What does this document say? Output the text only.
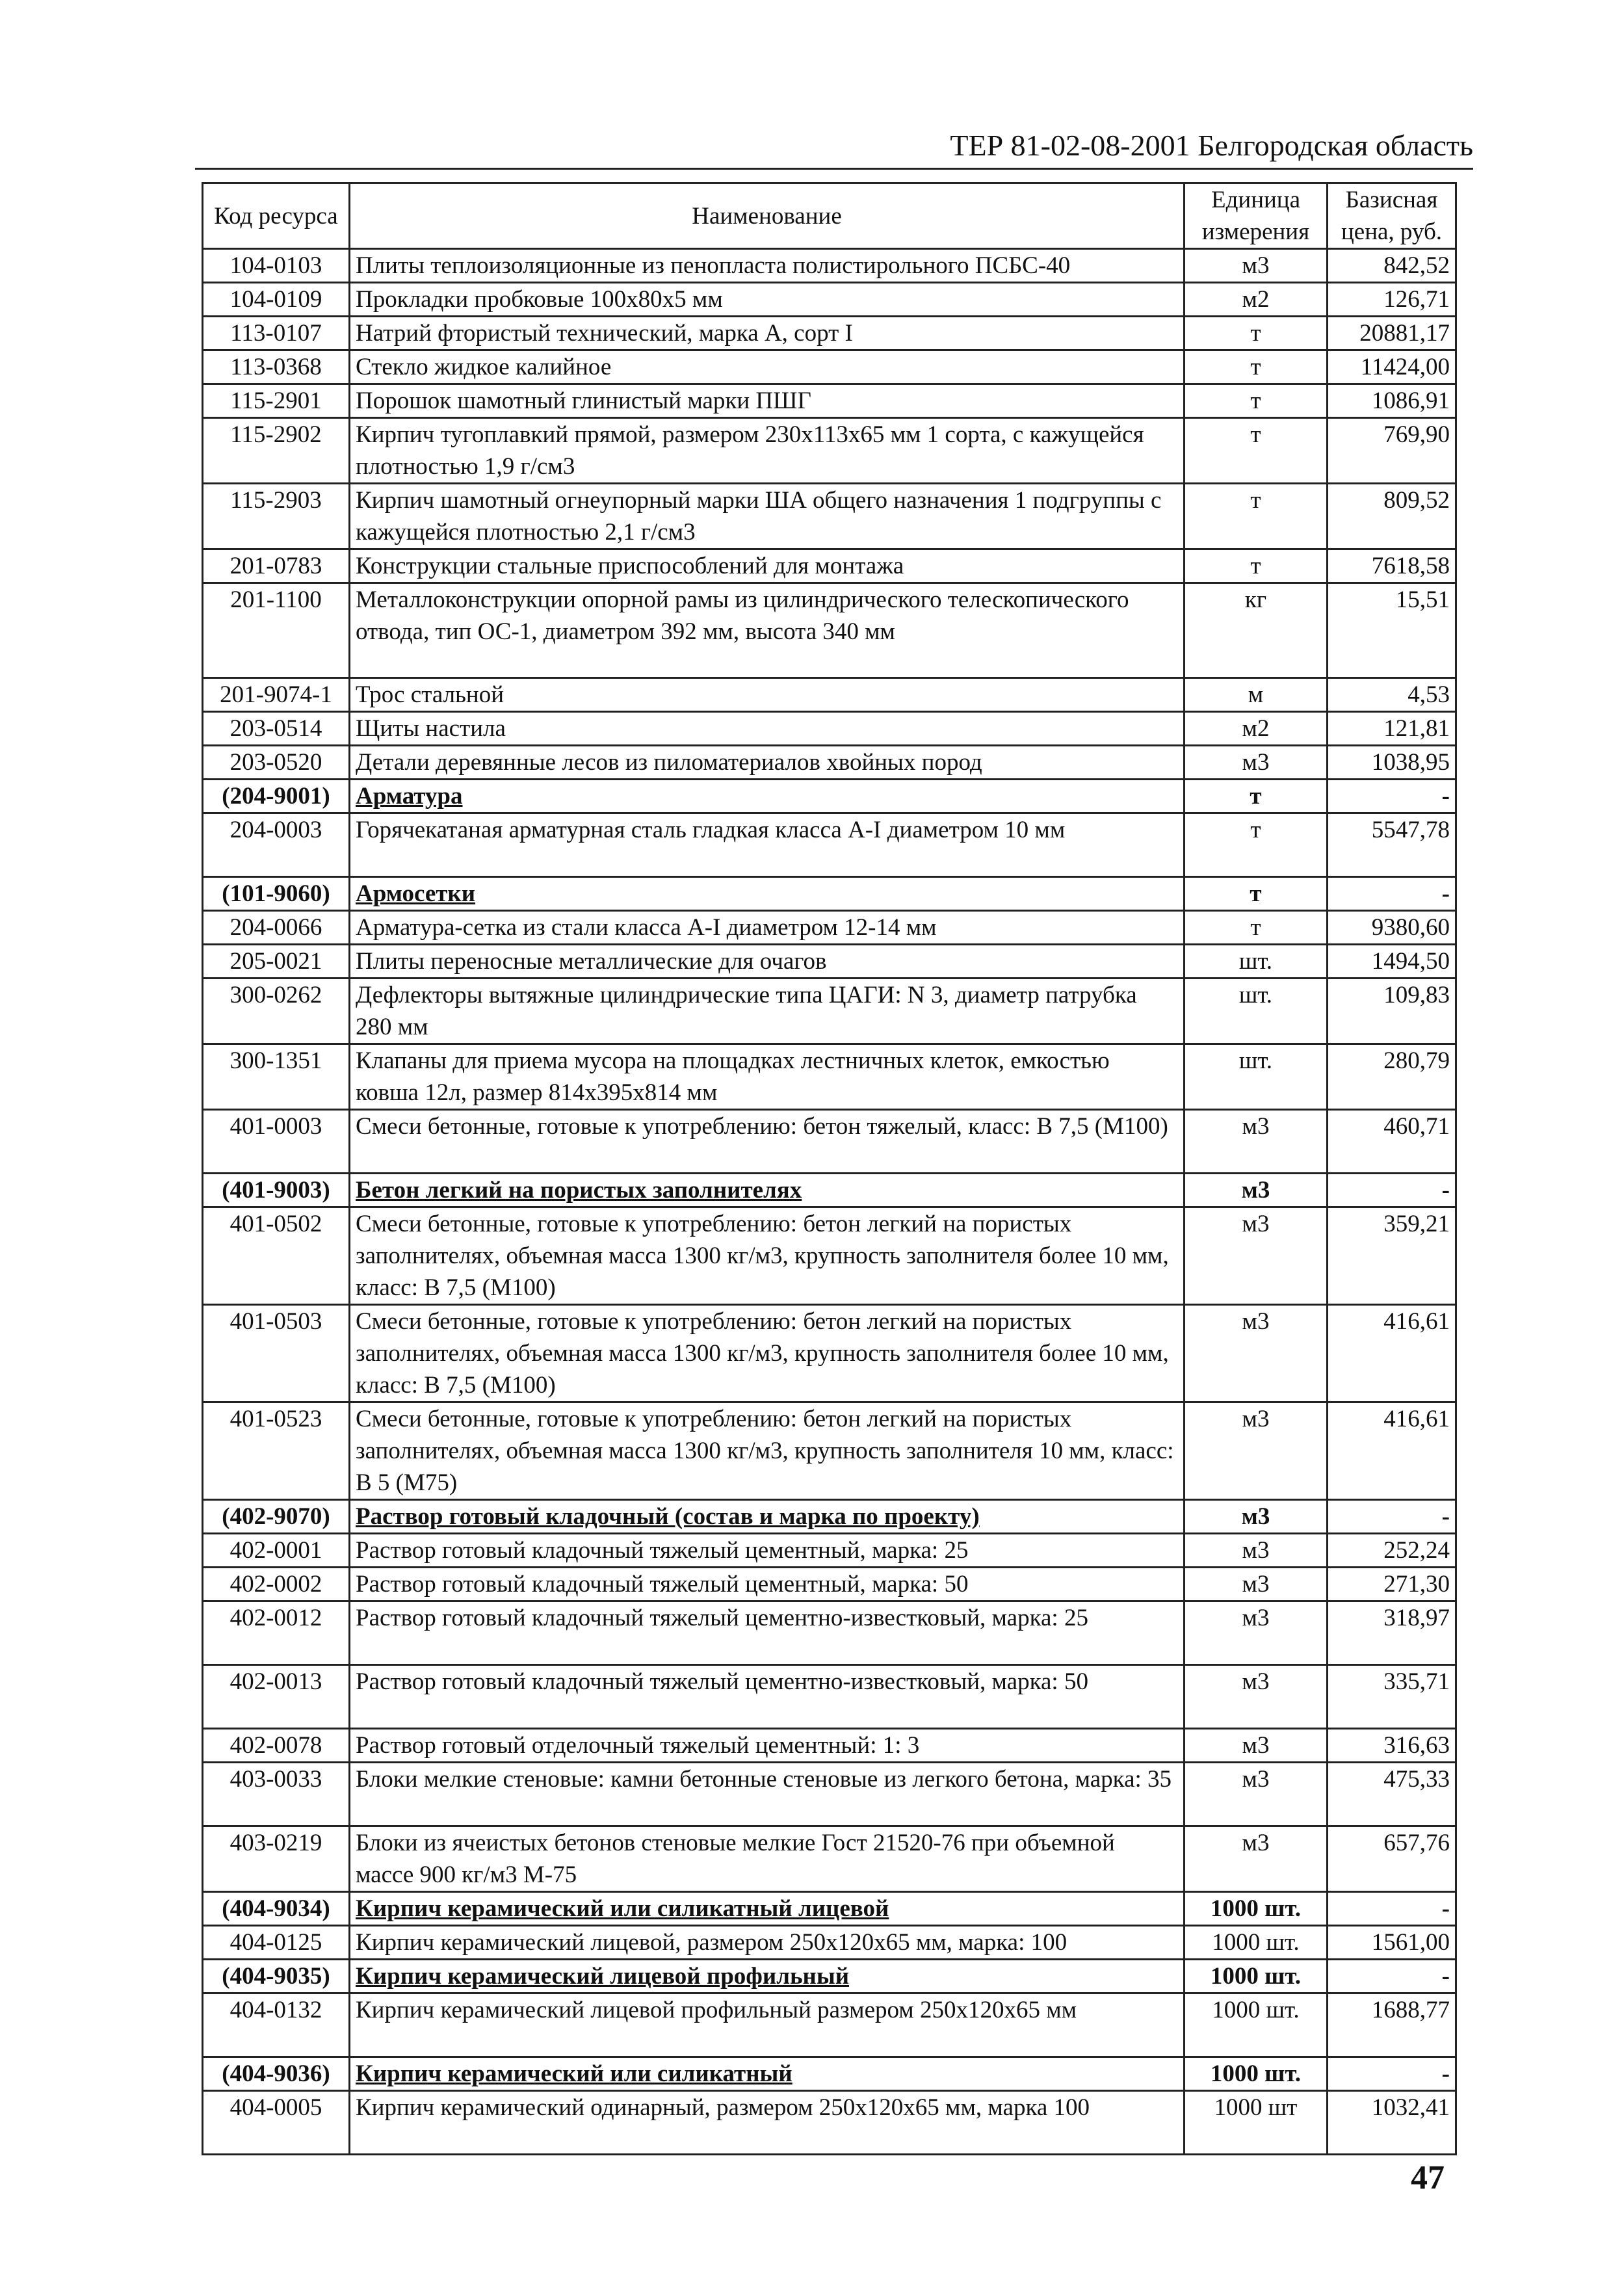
ТЕР 81-02-08-2001 Белгородская область
Код ресурса	Наименование	Единица измерения	Базисная цена, руб.
104-0103	Плиты теплоизоляционные из пенопласта полистирольного ПСБС-40	м3	842,52
104-0109	Прокладки пробковые 100х80х5 мм	м2	126,71
113-0107	Натрий фтористый технический, марка А, сорт I	т	20881,17
113-0368	Стекло жидкое калийное	т	11424,00
115-2901	Порошок шамотный глинистый марки ПШГ	т	1086,91
115-2902	Кирпич тугоплавкий прямой, размером 230х113х65 мм 1 сорта, с кажущейся плотностью 1,9 г/см3	т	769,90
115-2903	Кирпич шамотный огнеупорный марки ША общего назначения 1 подгруппы с кажущейся плотностью 2,1 г/см3	т	809,52
201-0783	Конструкции стальные приспособлений для монтажа	т	7618,58
201-1100	Металлоконструкции опорной рамы из цилиндрического телескопического отвода, тип ОС-1, диаметром 392 мм, высота 340 мм	кг	15,51
201-9074-1	Трос стальной	м	4,53
203-0514	Щиты настила	м2	121,81
203-0520	Детали деревянные лесов из пиломатериалов хвойных пород	м3	1038,95
(204-9001)	Арматура	т	-
204-0003	Горячекатаная арматурная сталь гладкая класса А-I диаметром 10 мм	т	5547,78
(101-9060)	Армосетки	т	-
204-0066	Арматура-сетка из стали класса А-I диаметром 12-14 мм	т	9380,60
205-0021	Плиты переносные металлические для очагов	шт.	1494,50
300-0262	Дефлекторы вытяжные цилиндрические типа ЦАГИ: N 3, диаметр патрубка 280 мм	шт.	109,83
300-1351	Клапаны для приема мусора на площадках лестничных клеток, емкостью ковша 12л, размер 814х395х814 мм	шт.	280,79
401-0003	Смеси бетонные, готовые к употреблению: бетон тяжелый, класс: В 7,5 (М100)	м3	460,71
(401-9003)	Бетон легкий на пористых заполнителях	м3	-
401-0502	Смеси бетонные, готовые к употреблению: бетон легкий на пористых заполнителях, объемная масса 1300 кг/м3, крупность заполнителя более 10 мм, класс: В 7,5 (М100)	м3	359,21
401-0503	Смеси бетонные, готовые к употреблению: бетон легкий на пористых заполнителях, объемная масса 1300 кг/м3, крупность заполнителя более 10 мм, класс: В 7,5 (М100)	м3	416,61
401-0523	Смеси бетонные, готовые к употреблению: бетон легкий на пористых заполнителях, объемная масса 1300 кг/м3, крупность заполнителя 10 мм, класс: В 5 (М75)	м3	416,61
(402-9070)	Раствор готовый кладочный (состав и марка по проекту)	м3	-
402-0001	Раствор готовый кладочный тяжелый цементный, марка: 25	м3	252,24
402-0002	Раствор готовый кладочный тяжелый цементный, марка: 50	м3	271,30
402-0012	Раствор готовый кладочный тяжелый цементно-известковый, марка: 25	м3	318,97
402-0013	Раствор готовый кладочный тяжелый цементно-известковый, марка: 50	м3	335,71
402-0078	Раствор готовый отделочный тяжелый цементный: 1: 3	м3	316,63
403-0033	Блоки мелкие стеновые: камни бетонные стеновые из легкого бетона, марка: 35	м3	475,33
403-0219	Блоки из ячеистых бетонов стеновые мелкие Гост 21520-76 при объемной массе 900 кг/м3 М-75	м3	657,76
(404-9034)	Кирпич керамический или силикатный лицевой	1000 шт.	-
404-0125	Кирпич керамический лицевой, размером 250х120х65 мм, марка: 100	1000 шт.	1561,00
(404-9035)	Кирпич керамический лицевой профильный	1000 шт.	-
404-0132	Кирпич керамический лицевой профильный размером 250х120х65 мм	1000 шт.	1688,77
(404-9036)	Кирпич керамический или силикатный	1000 шт.	-
404-0005	Кирпич керамический одинарный, размером 250х120х65 мм, марка 100	1000 шт	1032,41
47
